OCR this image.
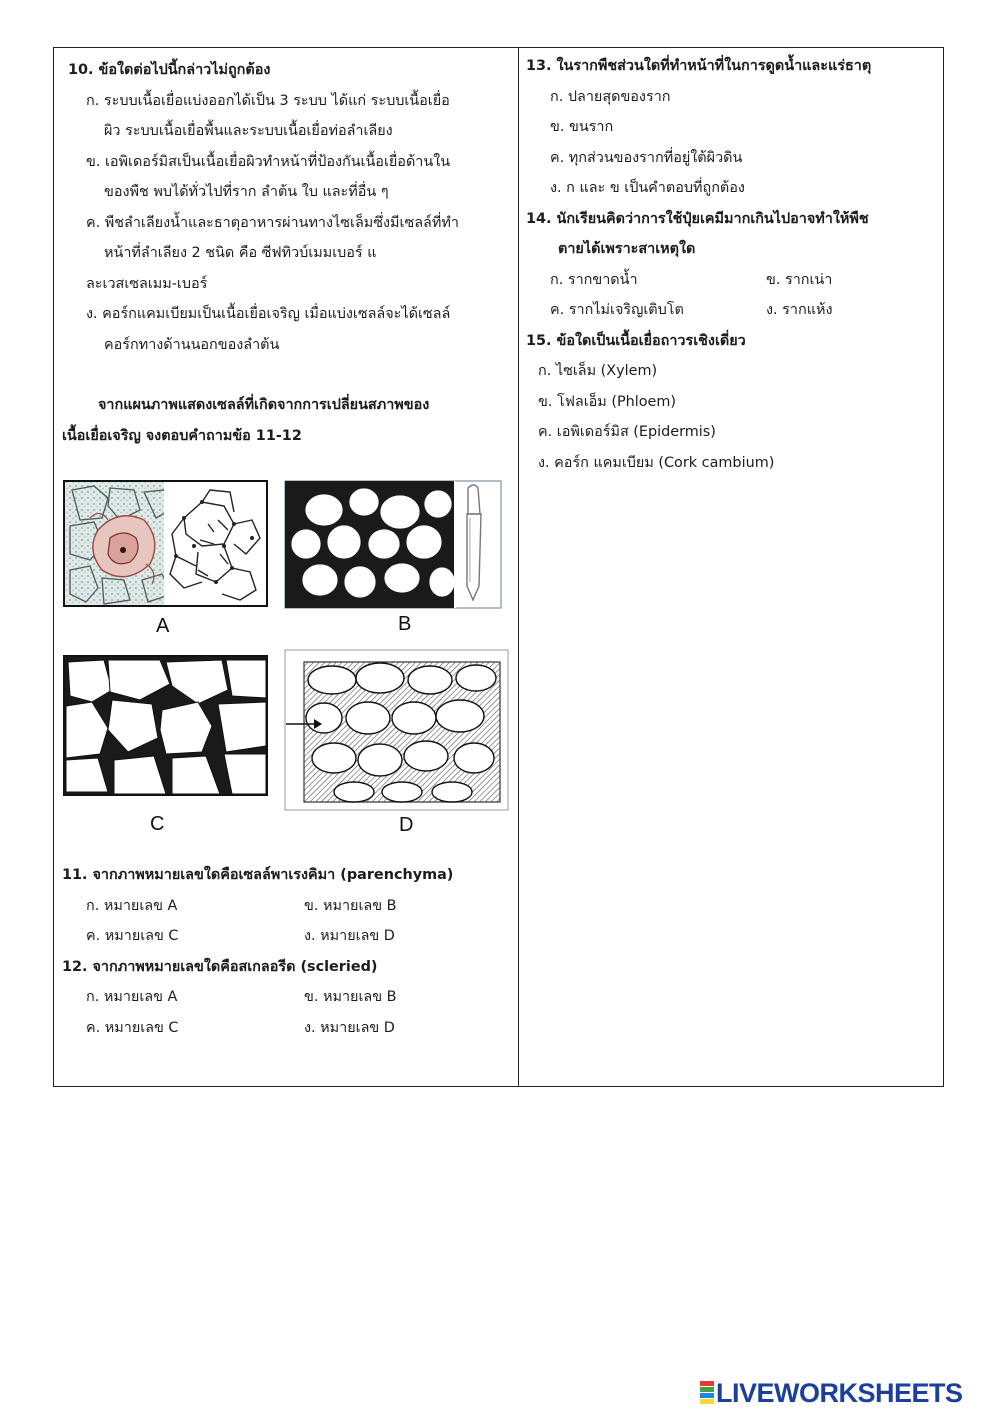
10. ข้อใดต่อไปนี้กล่าวไม่ถูกต้อง
ก. ระบบเนื้อเยื่อแบ่งออกได้เป็น 3 ระบบ ได้แก่ ระบบเนื้อเยื่อ
ผิว ระบบเนื้อเยื่อพื้นและระบบเนื้อเยื่อท่อลำเลียง
ข. เอพิเดอร์มิสเป็นเนื้อเยื่อผิวทำหน้าที่ป้องกันเนื้อเยื่อด้านใน
ของพืช พบได้ทั่วไปที่ราก ลำต้น ใบ และที่อื่น ๆ
ค. พืชลำเลียงน้ำและธาตุอาหารผ่านทางไซเล็มซึ่งมีเซลล์ที่ทำ
หน้าที่ลำเลียง 2 ชนิด คือ ซีฟทิวบ์เมมเบอร์ แ
ละเวสเซลเมม-เบอร์
ง. คอร์กแคมเบียมเป็นเนื้อเยื่อเจริญ เมื่อแบ่งเซลล์จะได้เซลล์
คอร์กทางด้านนอกของลำต้น
จากแผนภาพแสดงเซลล์ที่เกิดจากการเปลี่ยนสภาพของ
เนื้อเยื่อเจริญ จงตอบคำถามข้อ 11-12
A	B
C	D
11. จากภาพหมายเลขใดคือเซลล์พาเรงคิมา (parenchyma)
ก. หมายเลข A	ข. หมายเลข B
ค. หมายเลข C	ง. หมายเลข D
12. จากภาพหมายเลขใดคือสเกลอรีด (scleried)
ก. หมายเลข A	ข. หมายเลข B
ค. หมายเลข C	ง. หมายเลข D
13. ในรากพืชส่วนใดที่ทำหน้าที่ในการดูดน้ำและแร่ธาตุ
ก. ปลายสุดของราก
ข. ขนราก
ค. ทุกส่วนของรากที่อยู่ใต้ผิวดิน
ง. ก และ ข เป็นคำตอบที่ถูกต้อง
14. นักเรียนคิดว่าการใช้ปุ๋ยเคมีมากเกินไปอาจทำให้พืช
ตายได้เพราะสาเหตุใด
ก. รากขาดน้ำ	ข. รากเน่า
ค. รากไม่เจริญเติบโต	ง. รากแห้ง
15. ข้อใดเป็นเนื้อเยื่อถาวรเชิงเดี่ยว
ก. ไซเล็ม (Xylem)
ข. โฟลเอ็ม (Phloem)
ค. เอพิเดอร์มิส (Epidermis)
ง. คอร์ก แคมเบียม (Cork cambium)
LIVEWORKSHEETS
